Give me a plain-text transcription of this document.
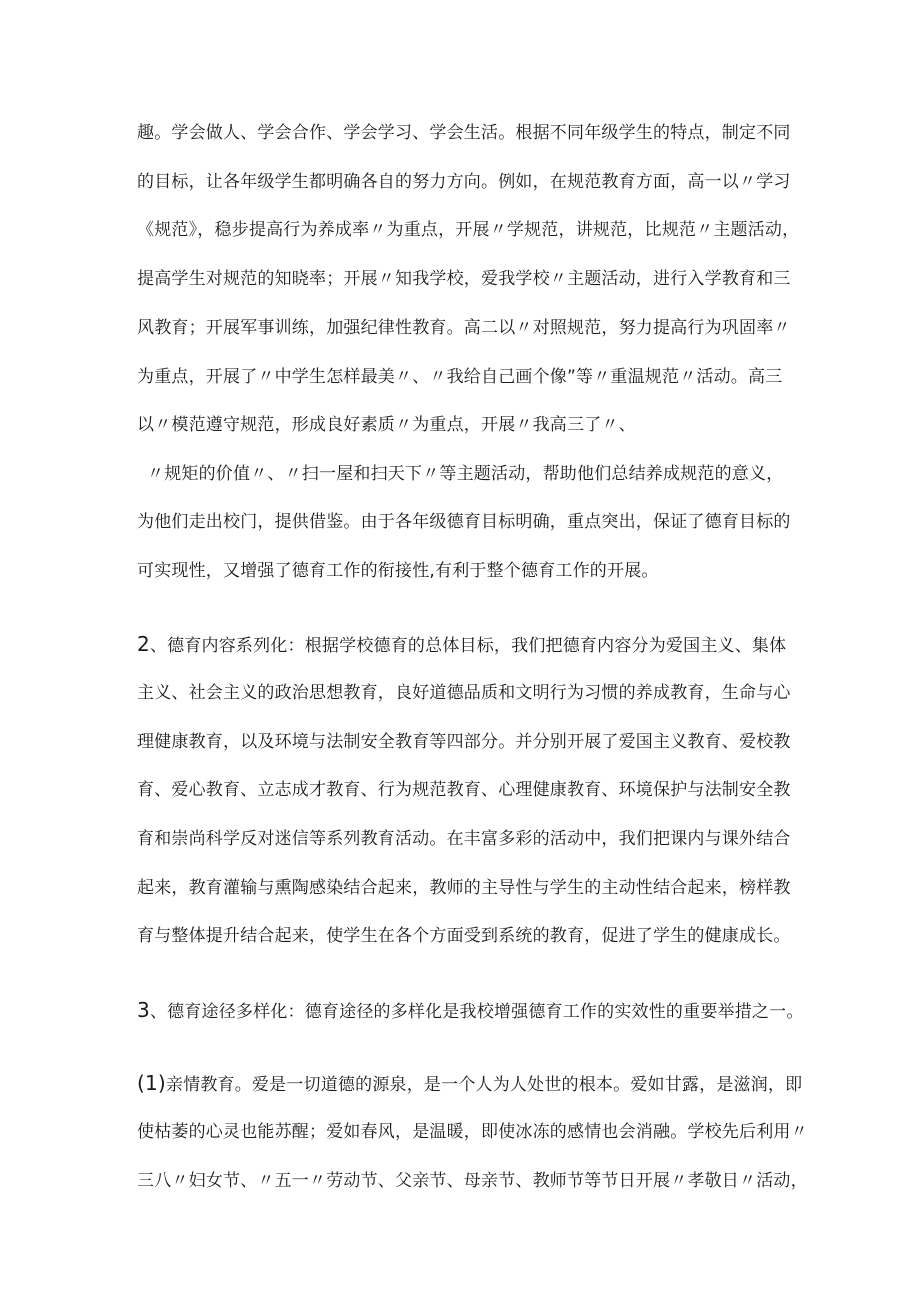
趣。学会做人、学会合作、学会学习、学会生活。根据不同年级学生的特点，制定不同
的目标，让各年级学生都明确各自的努力方向。例如，在规范教育方面，高一以〃学习
《规范》，稳步提高行为养成率〃为重点，开展〃学规范，讲规范，比规范〃主题活动，
提高学生对规范的知晓率；开展〃知我学校，爱我学校〃主题活动，进行入学教育和三
风教育；开展军事训练，加强纪律性教育。高二以〃对照规范，努力提高行为巩固率〃
为重点，开展了〃中学生怎样最美〃、〃我给自己画个像”等〃重温规范〃活动。高三
以〃模范遵守规范，形成良好素质〃为重点，开展〃我高三了〃、
〃规矩的价值〃、〃扫一屋和扫天下〃等主题活动，帮助他们总结养成规范的意义，
为他们走出校门，提供借鉴。由于各年级德育目标明确，重点突出，保证了德育目标的
可实现性，又增强了德育工作的衔接性,有利于整个德育工作的开展。
2、德育内容系列化：根据学校德育的总体目标，我们把德育内容分为爱国主义、集体
主义、社会主义的政治思想教育，良好道德品质和文明行为习惯的养成教育，生命与心
理健康教育，以及环境与法制安全教育等四部分。并分别开展了爱国主义教育、爱校教
育、爱心教育、立志成才教育、行为规范教育、心理健康教育、环境保护与法制安全教
育和崇尚科学反对迷信等系列教育活动。在丰富多彩的活动中，我们把课内与课外结合
起来，教育灌输与熏陶感染结合起来，教师的主导性与学生的主动性结合起来，榜样教
育与整体提升结合起来，使学生在各个方面受到系统的教育，促进了学生的健康成长。
3、德育途径多样化：德育途径的多样化是我校增强德育工作的实效性的重要举措之一。
(1)亲情教育。爱是一切道德的源泉，是一个人为人处世的根本。爱如甘露，是滋润，即
使枯萎的心灵也能苏醒；爱如春风，是温暖，即使冰冻的感情也会消融。学校先后利用〃
三八〃妇女节、〃五一〃劳动节、父亲节、母亲节、教师节等节日开展〃孝敬日〃活动，
